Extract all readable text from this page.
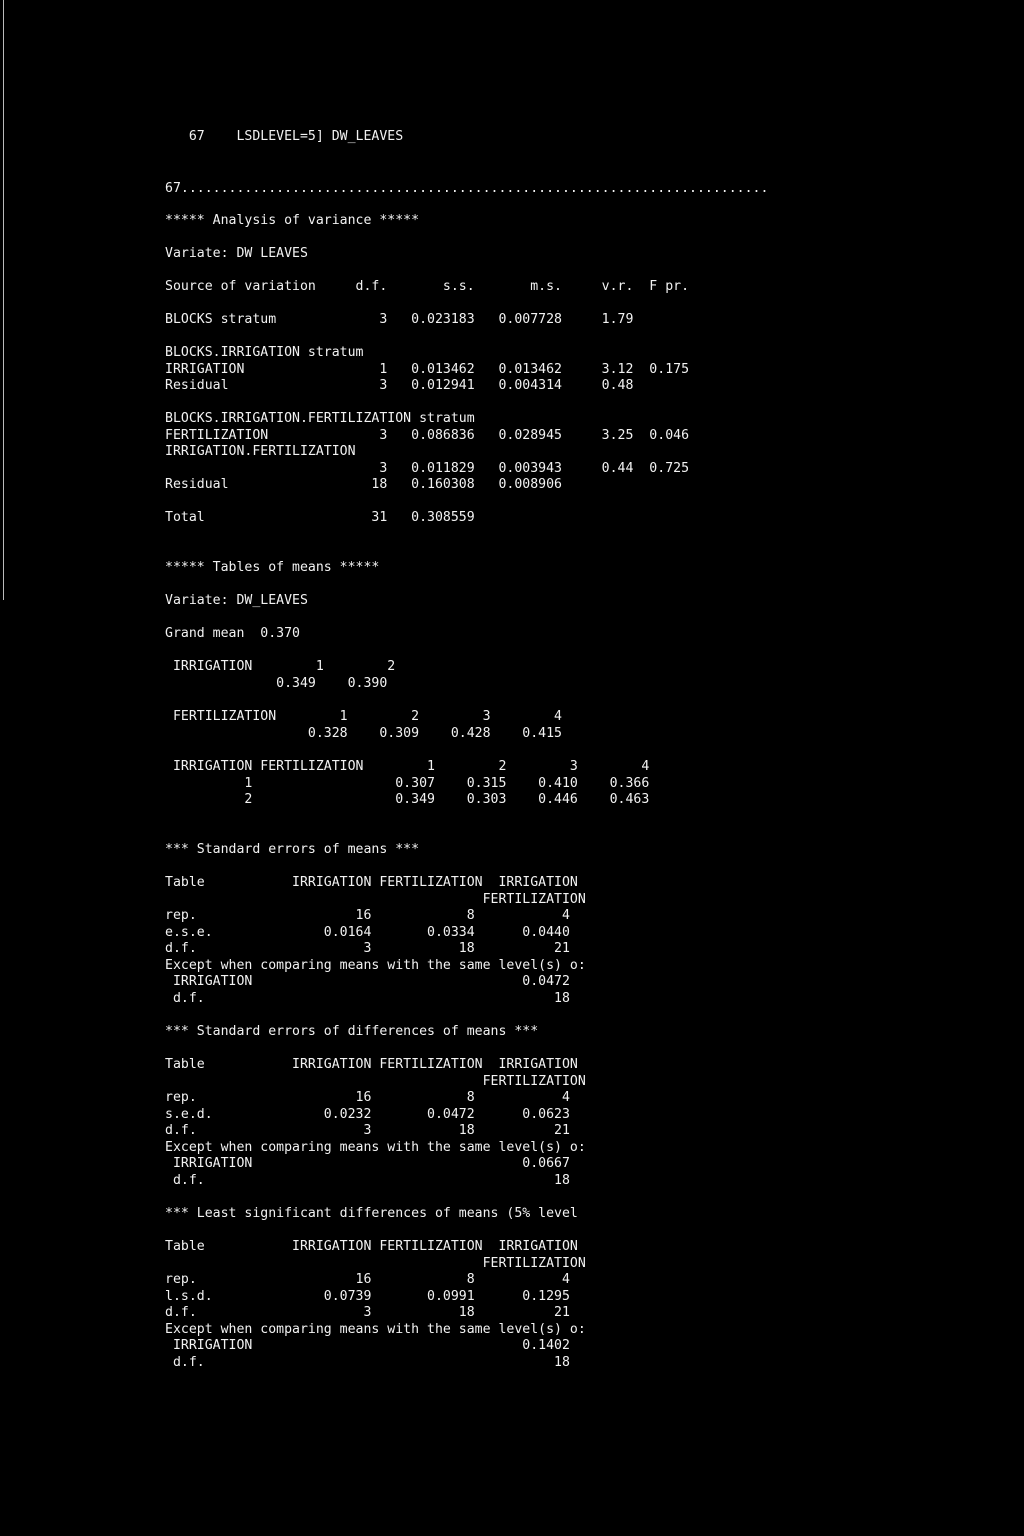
67    LSDLEVEL=5] DW_LEAVES
67..........................................................................
***** Analysis of variance *****
Variate: DW LEAVES
Source of variation     d.f.       s.s.       m.s.     v.r.  F pr.
BLOCKS stratum             3   0.023183   0.007728     1.79
BLOCKS.IRRIGATION stratum
IRRIGATION                 1   0.013462   0.013462     3.12  0.175
Residual                   3   0.012941   0.004314     0.48
BLOCKS.IRRIGATION.FERTILIZATION stratum
FERTILIZATION              3   0.086836   0.028945     3.25  0.046
IRRIGATION.FERTILIZATION
3   0.011829   0.003943     0.44  0.725
Residual                  18   0.160308   0.008906
Total                     31   0.308559
***** Tables of means *****
Variate: DW_LEAVES
Grand mean  0.370
IRRIGATION        1        2
0.349    0.390
FERTILIZATION        1        2        3        4
0.328    0.309    0.428    0.415
IRRIGATION FERTILIZATION        1        2        3        4
1                  0.307    0.315    0.410    0.366
2                  0.349    0.303    0.446    0.463
*** Standard errors of means ***
Table           IRRIGATION FERTILIZATION  IRRIGATION
FERTILIZATION
rep.                    16            8           4
e.s.e.              0.0164       0.0334      0.0440
d.f.                     3           18          21
Except when comparing means with the same level(s) o:
IRRIGATION                                  0.0472
d.f.                                            18
*** Standard errors of differences of means ***
Table           IRRIGATION FERTILIZATION  IRRIGATION
FERTILIZATION
rep.                    16            8           4
s.e.d.              0.0232       0.0472      0.0623
d.f.                     3           18          21
Except when comparing means with the same level(s) o:
IRRIGATION                                  0.0667
d.f.                                            18
*** Least significant differences of means (5% level
Table           IRRIGATION FERTILIZATION  IRRIGATION
FERTILIZATION
rep.                    16            8           4
l.s.d.              0.0739       0.0991      0.1295
d.f.                     3           18          21
Except when comparing means with the same level(s) o:
IRRIGATION                                  0.1402
d.f.                                            18
